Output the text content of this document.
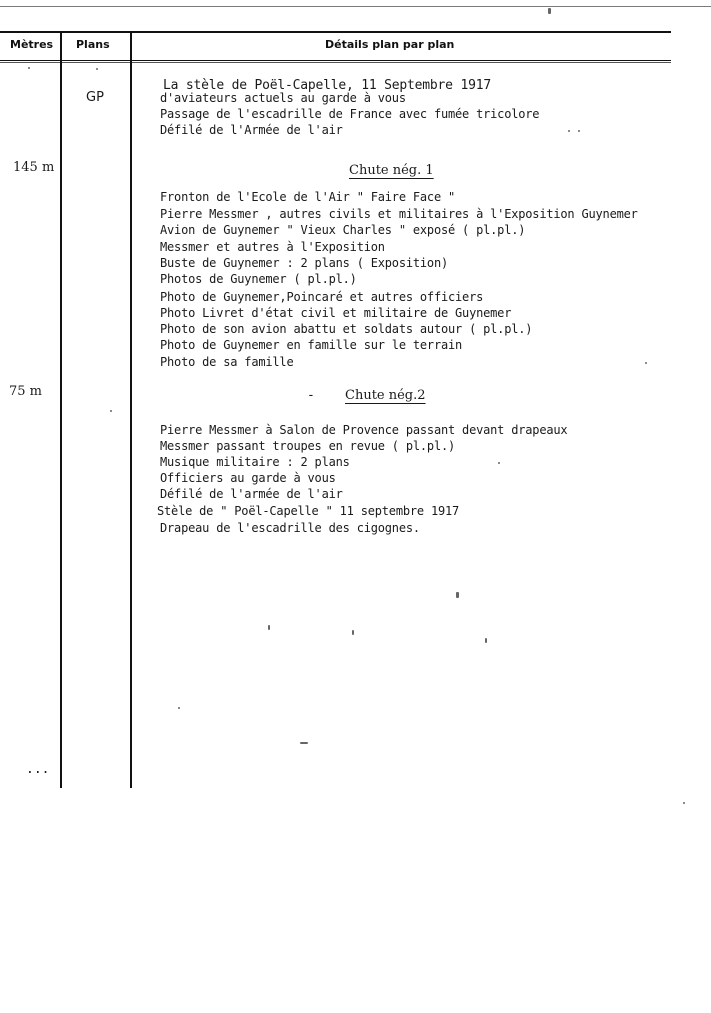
Mètres Plans	Détails plan par plan
145 m
75 m
...
GP
La stèle de Poël-Capelle, 11 Septembre 1917
d'aviateurs actuels au garde à vous
Passage de l'escadrille de France avec fumée tricolore
Défilé de l'Armée de l'air
Chute nég. 1
Fronton de l'Ecole de l'Air " Faire Face "
Pierre Messmer , autres civils et militaires à l'Exposition Guynemer
Avion de Guynemer " Vieux Charles " exposé ( pl.pl.)
Messmer et autres à l'Exposition
Buste de Guynemer : 2 plans ( Exposition)
Photos de Guynemer ( pl.pl.)
Photo de Guynemer,Poincaré et autres officiers
Photo Livret d'état civil et militaire de Guynemer
Photo de son avion abattu et soldats autour ( pl.pl.)
Photo de Guynemer en famille sur le terrain
Photo de sa famille
- Chute nég.2
Pierre Messmer à Salon de Provence passant devant drapeaux
Messmer passant troupes en revue ( pl.pl.)
Musique militaire : 2 plans
Officiers au garde à vous
Défilé de l'armée de l'air
Stèle de " Poël-Capelle " 11 septembre 1917
Drapeau de l'escadrille des cigognes.
